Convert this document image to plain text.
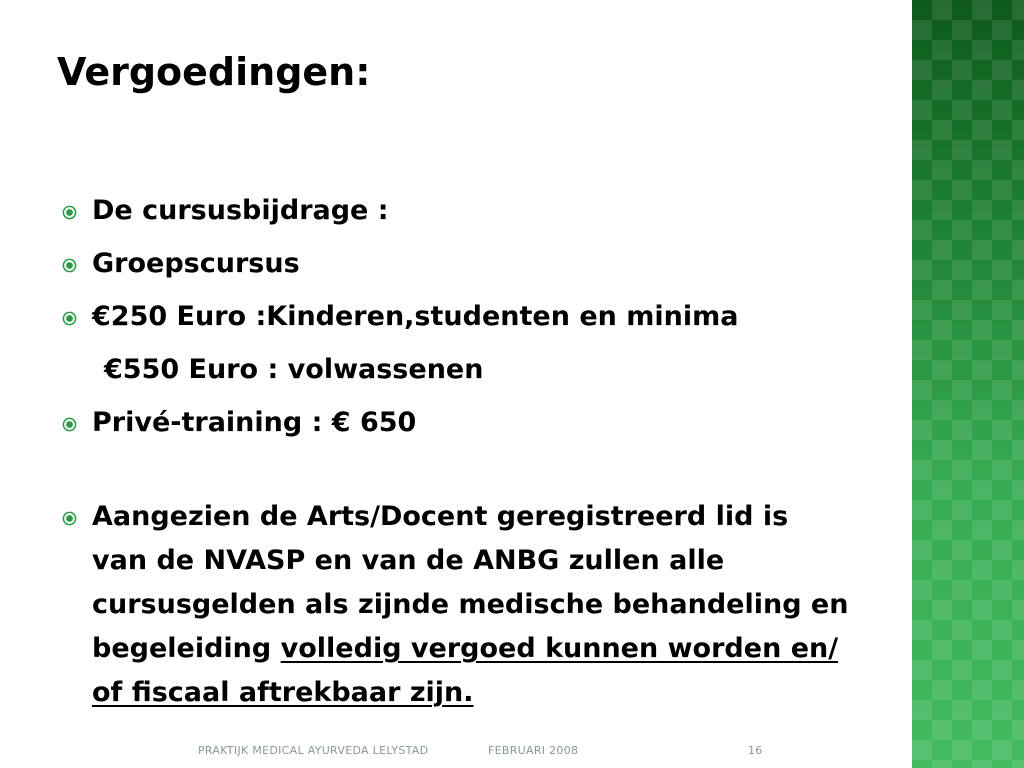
Vergoedingen:
De cursusbijdrage :
Groepscursus
€250 Euro :Kinderen,studenten en minima
€550 Euro : volwassenen
Privé-training : € 650
Aangezien de Arts/Docent geregistreerd lid is van de NVASP en van de ANBG zullen alle cursusgelden als zijnde medische behandeling en begeleiding volledig vergoed kunnen worden en/ of fiscaal aftrekbaar zijn.
PRAKTIJK MEDICAL AYURVEDA LELYSTAD	FEBRUARI 2008	16
